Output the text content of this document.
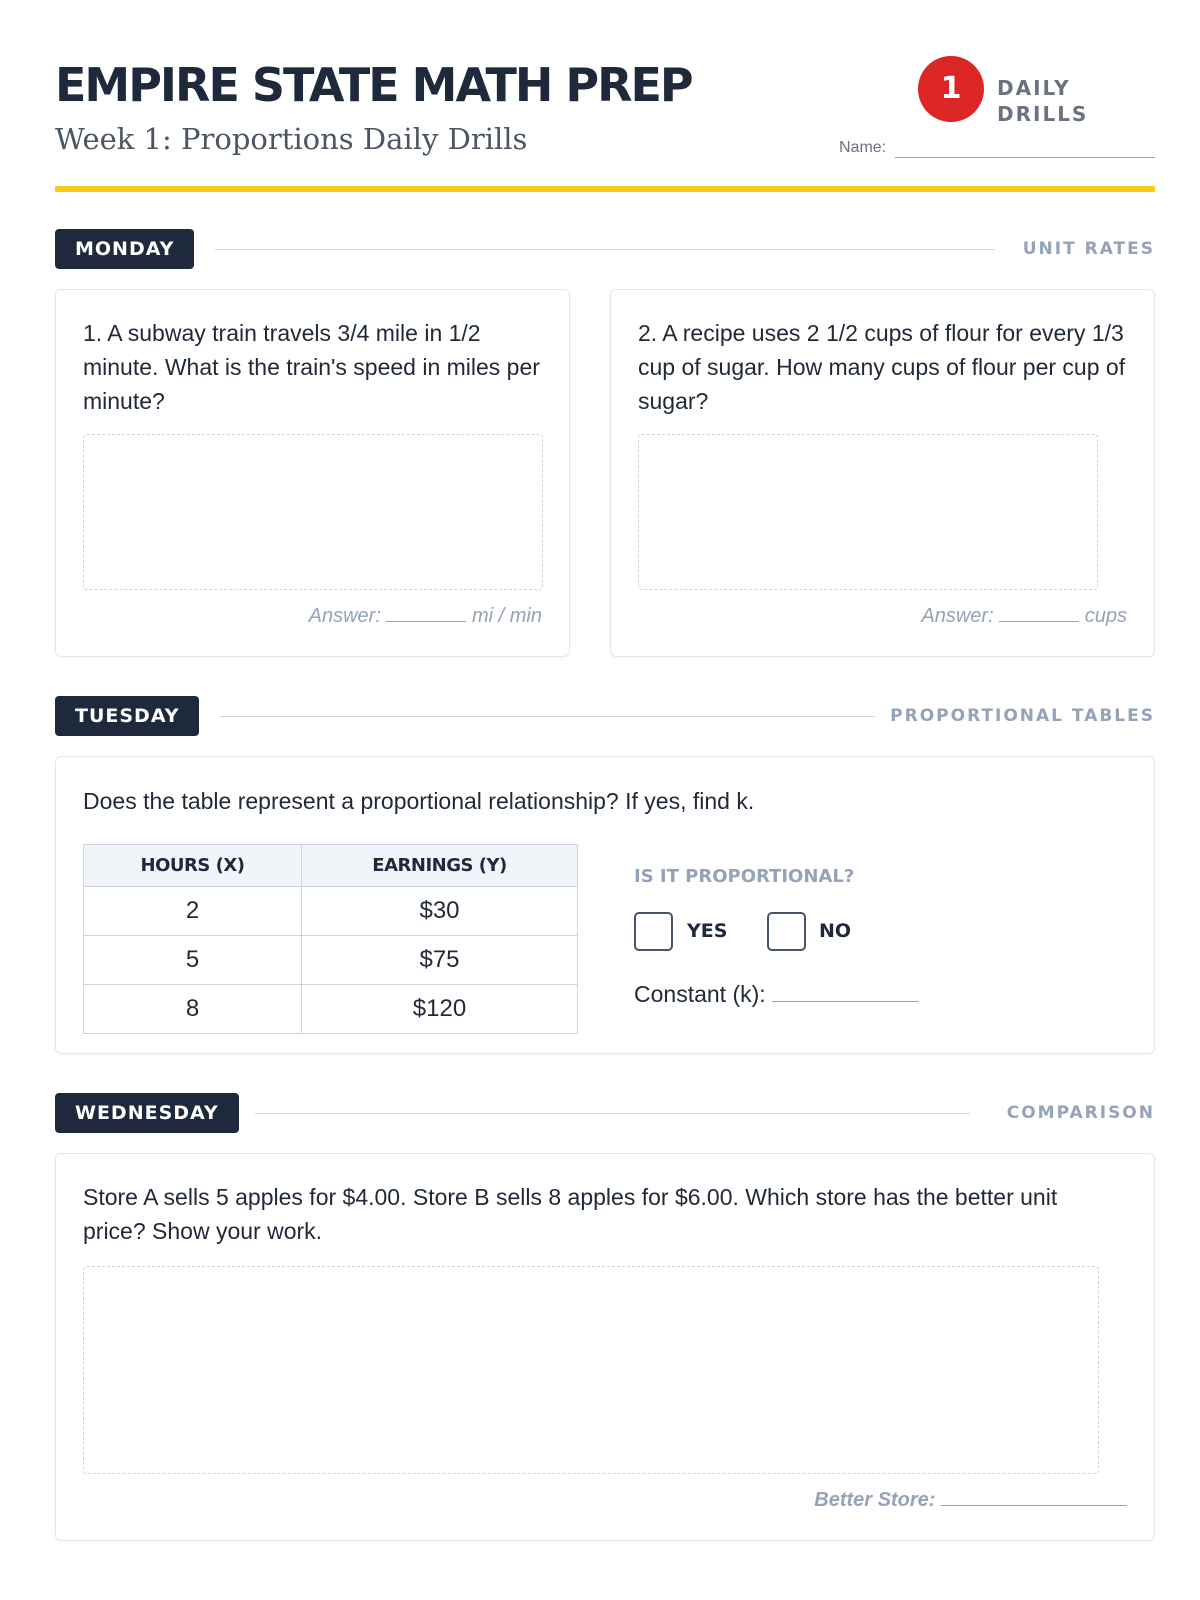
EMPIRE STATE MATH PREP
Week 1: Proportions Daily Drills
1	DAILY DRILLS
Name:
MONDAY	UNIT RATES
1. A subway train travels 3/4 mile in 1/2 minute. What is the train's speed in miles per minute?
Answer:	mi / min
2. A recipe uses 2 1/2 cups of flour for every 1/3 cup of sugar. How many cups of flour per cup of sugar?
Answer:	cups
TUESDAY	PROPORTIONAL TABLES
Does the table represent a proportional relationship? If yes, find k.
HOURS (X)	EARNINGS (Y)
2	$30
5	$75
8	$120
IS IT PROPORTIONAL?
YES	NO
Constant (k):
WEDNESDAY	COMPARISON
Store A sells 5 apples for $4.00. Store B sells 8 apples for $6.00. Which store has the better unit price? Show your work.
Better Store:
